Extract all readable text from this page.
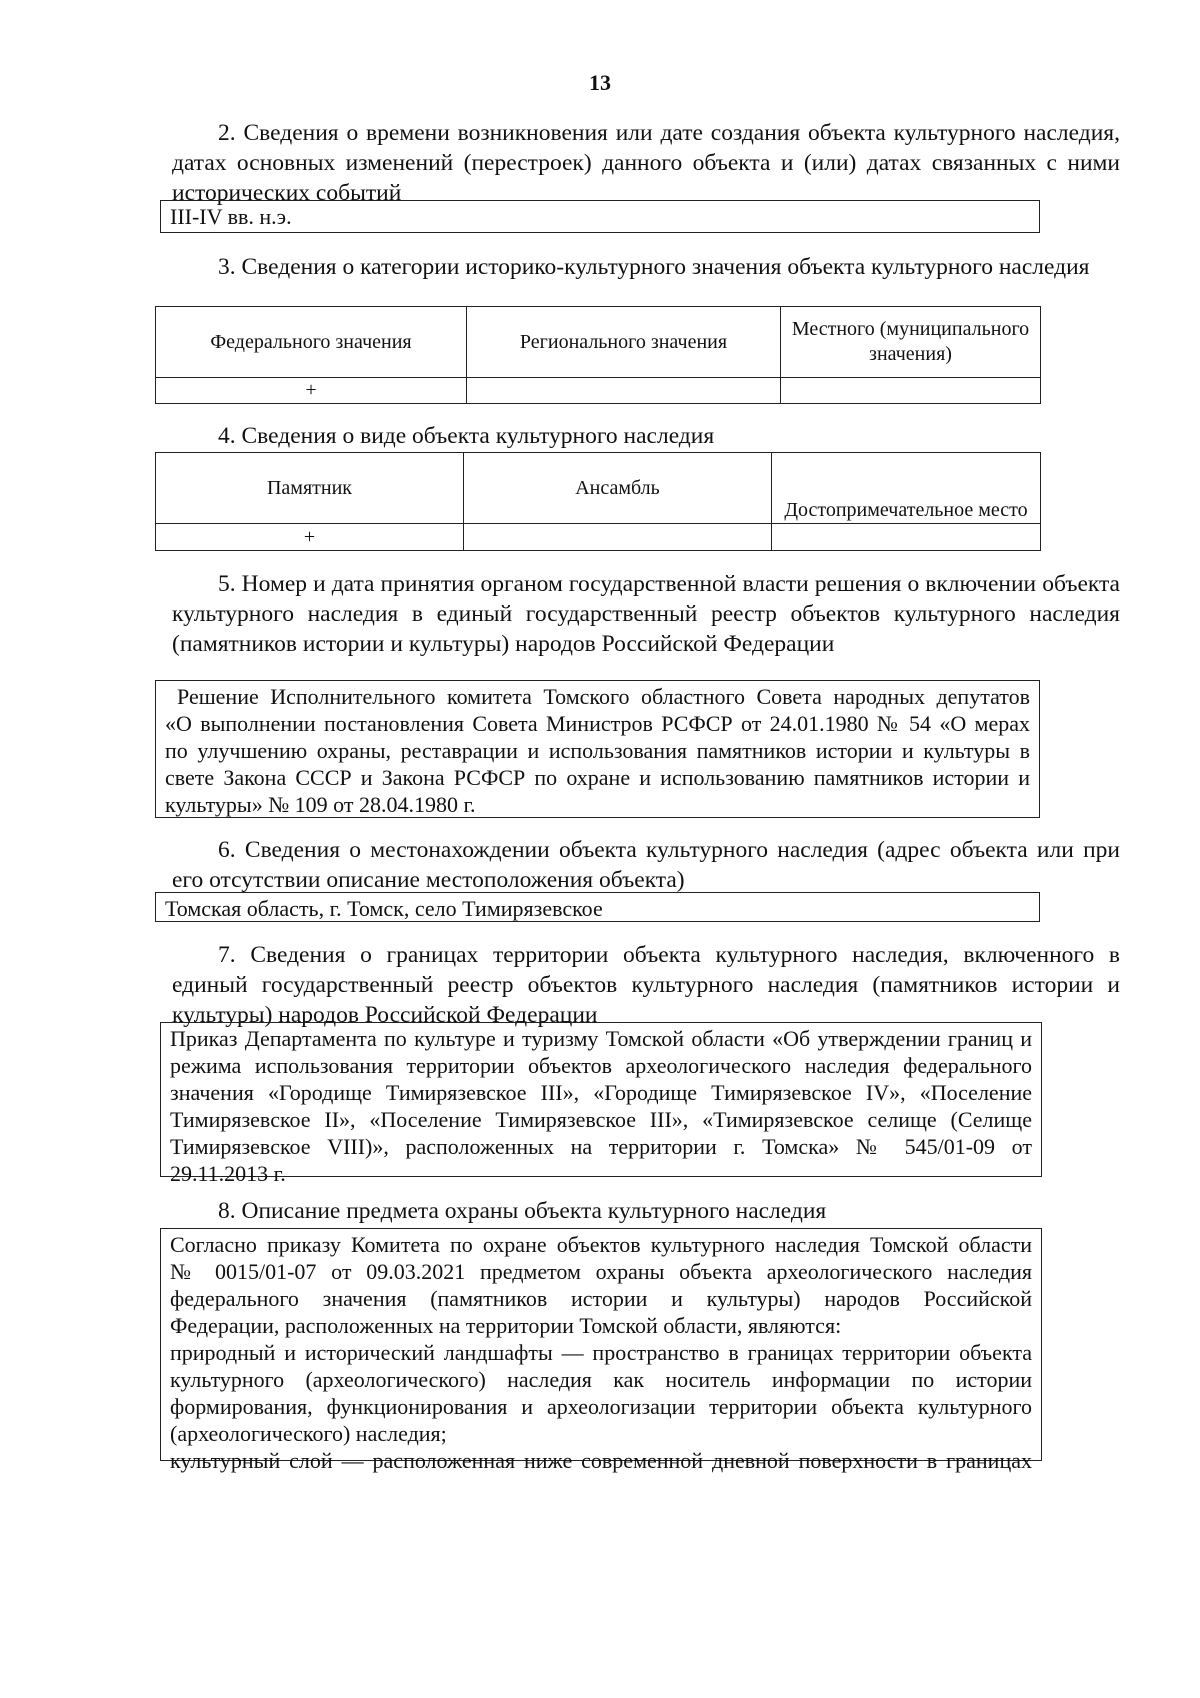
13
2. Сведения о времени возникновения или дате создания объекта культурного наследия, датах основных изменений (перестроек) данного объекта и (или) датах связанных с ними исторических событий
III-IV вв. н.э.
3. Сведения о категории историко-культурного значения объекта культурного наследия
Федерального значения	Регионального значения	Местного (муниципального значения)
+		
4. Сведения о виде объекта культурного наследия
Памятник	Ансамбль	Достопримечательное место
+		
5. Номер и дата принятия органом государственной власти решения о включении объекта культурного наследия в единый государственный реестр объектов культурного наследия (памятников истории и культуры) народов Российской Федерации
Решение Исполнительного комитета Томского областного Совета народных депутатов
«О выполнении постановления Совета Министров РСФСР от 24.01.1980 № 54 «О мерах
по улучшению охраны, реставрации и использования памятников истории и культуры в
свете Закона СССР и Закона РСФСР по охране и использованию памятников истории и
культуры» № 109 от 28.04.1980 г.
6. Сведения о местонахождении объекта культурного наследия (адрес объекта или при его отсутствии описание местоположения объекта)
Томская область, г. Томск, село Тимирязевское
7. Сведения о границах территории объекта культурного наследия, включенного в единый государственный реестр объектов культурного наследия (памятников истории и культуры) народов Российской Федерации
Приказ Департамента по культуре и туризму Томской области «Об утверждении границ и
режима использования территории объектов археологического наследия федерального
значения «Городище Тимирязевское III», «Городище Тимирязевское IV», «Поселение
Тимирязевское II», «Поселение Тимирязевское III», «Тимирязевское селище (Селище
Тимирязевское VIII)», расположенных на территории г. Томска» № 545/01-09 от
29.11.2013 г.
8. Описание предмета охраны объекта культурного наследия
Согласно приказу Комитета по охране объектов культурного наследия Томской области
№ 0015/01-07 от 09.03.2021 предметом охраны объекта археологического наследия
федерального значения (памятников истории и культуры) народов Российской
Федерации, расположенных на территории Томской области, являются:
природный и исторический ландшафты — пространство в границах территории объекта
культурного (археологического) наследия как носитель информации по истории
формирования, функционирования и археологизации территории объекта культурного
(археологического) наследия;
культурный слой — расположенная ниже современной дневной поверхности в границах
